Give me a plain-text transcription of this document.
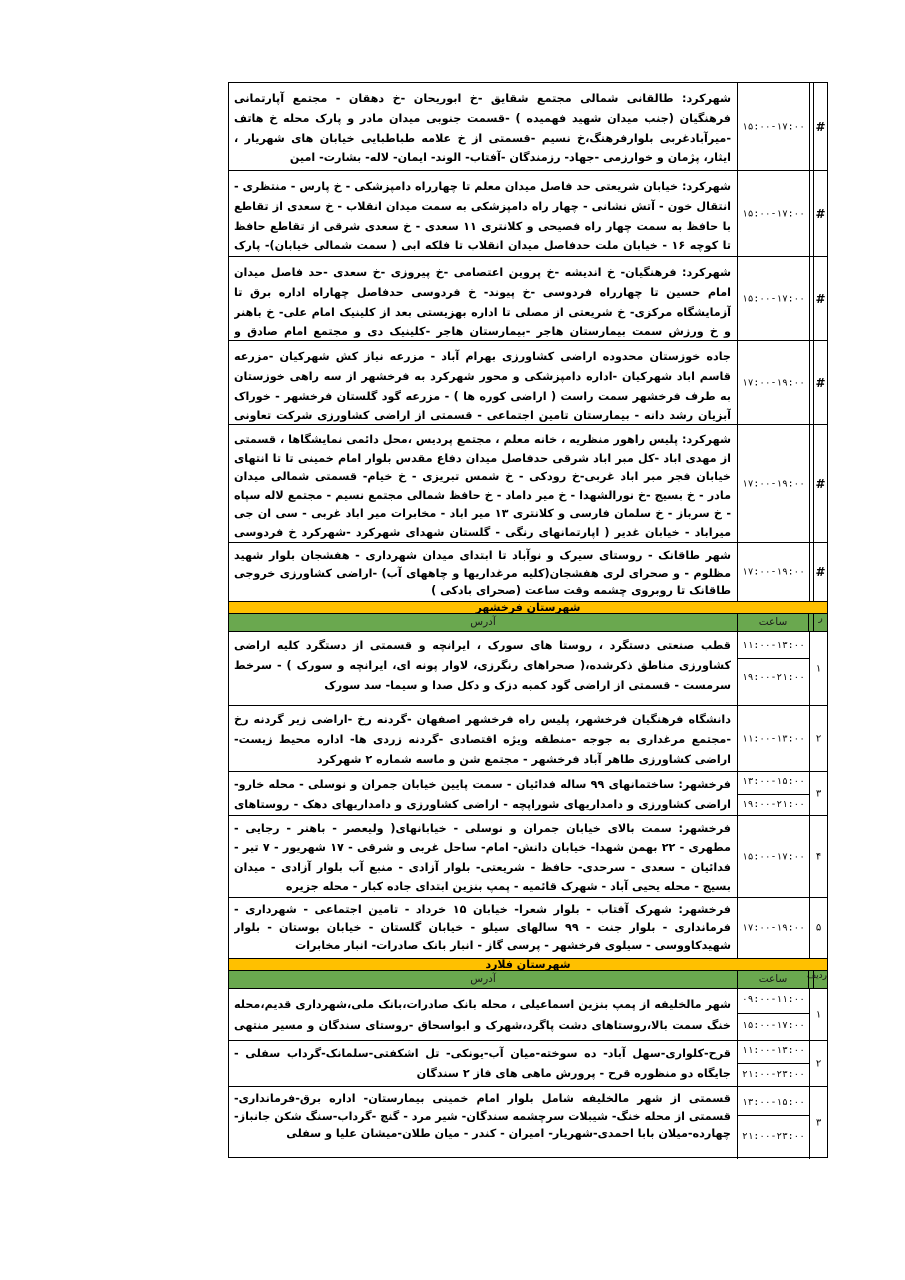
#
۱۵:۰۰-۱۷:۰۰
شهرکرد: طالقانی شمالی مجتمع شقایق -خ ابوریحان -خ دهقان - مجتمع آپارتمانی فرهنگیان (جنب میدان شهید فهمیده ) -قسمت جنوبی میدان مادر و پارک محله خ هاتف -میرآبادغربی بلوارفرهنگ،خ نسیم -قسمتی از خ علامه طباطبایی خیابان های شهریار ، ایثار، پژمان و خوارزمی -جهاد- رزمندگان -آفتاب- الوند- ایمان- لاله- بشارت- امین
#
۱۵:۰۰-۱۷:۰۰
شهرکرد: خیابان شریعتی حد فاصل میدان معلم تا چهارراه دامپزشکی - خ پارس - منتظری - انتقال خون - آتش نشانی - چهار راه دامپزشکی به سمت میدان انقلاب - خ سعدی از تقاطع با حافظ به سمت چهار راه فصیحی و کلانتری ۱۱ سعدی - خ سعدی شرقی از تقاطع حافظ تا کوچه ۱۶ - خیابان ملت حدفاصل میدان انقلاب تا فلکه ابی ( سمت شمالی خیابان)- پارک
#
۱۵:۰۰-۱۷:۰۰
شهرکرد: فرهنگیان- خ اندیشه -خ پروین اعتصامی -خ پیروزی -خ سعدی -حد فاصل میدان امام حسین تا چهارراه فردوسی -خ پیوند- خ فردوسی حدفاصل چهاراه اداره برق تا آزمایشگاه مرکزی- خ شریعتی از مصلی تا اداره بهزیستی بعد از کلینیک امام علی- خ باهنر و خ ورزش سمت بیمارستان هاجر -بیمارستان هاجر -کلینیک دی و مجتمع امام صادق و
#
۱۷:۰۰-۱۹:۰۰
جاده خوزستان محدوده اراضی کشاورزی بهرام آباد - مزرعه نیاز کش شهرکیان -مزرعه قاسم اباد شهرکیان -اداره دامپزشکی و محور شهرکرد به فرخشهر از سه راهی خوزستان به طرف فرخشهر سمت راست ( اراضی کوره ها ) - مزرعه گود گلستان فرخشهر - خوراک آبزیان رشد دانه - بیمارستان تامین اجتماعی - قسمتی از اراضی کشاورزی شرکت تعاونی
#
۱۷:۰۰-۱۹:۰۰
شهرکرد: پلیس راهور منظریه ، خانه معلم ، مجتمع پردیس ،محل دائمی نمایشگاها ، قسمتی از مهدی اباد -کل مبر اباد شرقی حدفاصل میدان دفاع مقدس بلوار امام خمینی تا تا انتهای خیابان فجر مبر اباد غربی-خ رودکی - خ شمس تبریزی - خ خیام- قسمتی شمالی میدان مادر - خ بسیج -خ نورالشهدا - خ میر داماد - خ حافظ شمالی مجتمع نسیم - مجتمع لاله سپاه - خ سرباز - خ سلمان فارسی و کلانتری ۱۳ میر اباد - مخابرات میر اباد غربی - سی ان جی میراباد - خیابان غدیر ( اپارتمانهای رنگی - گلستان شهدای شهرکرد -شهرکرد خ فردوسی
#
۱۷:۰۰-۱۹:۰۰
شهر طاقانک - روستای سیرک و نوآباد تا ابتدای میدان شهرداری - هفشجان بلوار شهید مظلوم - و صحرای لری هفشجان(کلیه مرغداریها و چاههای آب) -اراضی کشاورزی خروجی طاقانک تا روبروی چشمه وقت ساعت (صحرای بادکی )
شهرستان فرخشهر
ر
ساعت
آدرس
۱
۱۱:۰۰-۱۳:۰۰
۱۹:۰۰-۲۱:۰۰
قطب صنعتی دستگرد ، روستا های سورک ، ایرانچه و قسمتی از دستگرد کلیه اراضی کشاورزی مناطق ذکرشده،( صحراهای رنگرزی، لاوار پونه ای، ایرانچه و سورک ) - سرخط سرمست - قسمتی از اراضی گود کمبه دزک و دکل صدا و سیما- سد سورک
۲
۱۱:۰۰-۱۳:۰۰
دانشگاه فرهنگیان فرخشهر، پلیس راه فرخشهر اصفهان -گردنه رخ -اراضی زیر گردنه رخ -مجتمع مرغداری به جوجه -منطقه ویژه اقتصادی -گردنه زردی ها- اداره محیط زیست- اراضی کشاورزی طاهر آباد فرخشهر - مجتمع شن و ماسه شماره ۲ شهرکرد
۳
۱۳:۰۰-۱۵:۰۰
۱۹:۰۰-۲۱:۰۰
فرخشهر: ساختمانهای ۹۹ ساله فدائیان - سمت پایین خیابان جمران و نوسلی - محله خارو- اراضی کشاورزی و دامداریهای شوراپچه - اراضی کشاورزی و دامداریهای دهک - روستاهای
۴
۱۵:۰۰-۱۷:۰۰
فرخشهر: سمت بالای خیابان جمران و نوسلی - خیابانهای( ولیعصر - باهنر - رجایی - مطهری - ۲۲ بهمن شهدا- خیابان دانش- امام- ساحل غربی و شرقی - ۱۷ شهریور - ۷ تیر - فدائیان - سعدی - سرحدی- حافظ - شریعتی- بلوار آزادی - منبع آب بلوار آزادی - میدان بسیج - محله یحیی آباد - شهرک قائمیه - پمپ بنزین ابتدای جاده کبار - محله جزیره
۵
۱۷:۰۰-۱۹:۰۰
فرخشهر: شهرک آفتاب - بلوار شعرا- خیابان ۱۵ خرداد - تامین اجتماعی - شهرداری - فرمانداری - بلوار جنت - ۹۹ سالهای سیلو - خیابان گلستان - خیابان بوستان - بلوار شهیدکاووسی - سیلوی فرخشهر - پرسی گاز - انبار بانک صادرات- انبار مخابرات
شهرستان فلارد
ردیف
ساعت
آدرس
۱
۰۹:۰۰-۱۱:۰۰
۱۵:۰۰-۱۷:۰۰
شهر مالخلیفه از پمپ بنزین اسماعیلی ، محله بانک صادرات،بانک ملی،شهرداری قدیم،محله خنگ سمت بالا،روستاهای دشت پاگرد،شهرک و ابواسحاق -روستای سندگان و مسیر منتهی
۲
۱۱:۰۰-۱۳:۰۰
۲۱:۰۰-۲۳:۰۰
قرح-کلواری-سهل آباد- ده سوخته-میان آب-یونکی- تل اشکفتی-سلمانک-گرداب سفلی - جایگاه دو منظوره قرح - پرورش ماهی های فاز ۲ سندگان
۳
۱۳:۰۰-۱۵:۰۰
۲۱:۰۰-۲۳:۰۰
قسمتی از شهر مالخلیفه شامل بلوار امام خمینی بیمارستان- اداره برق-فرمانداری- قسمتی از محله خنگ- شیبلات سرچشمه سندگان- شیر مرد - گنچ -گرداب-سنگ شکن جانباز- چهارده-میلان بابا احمدی-شهریار- امیران - کندر - میان طلان-میشان علیا و سفلی
